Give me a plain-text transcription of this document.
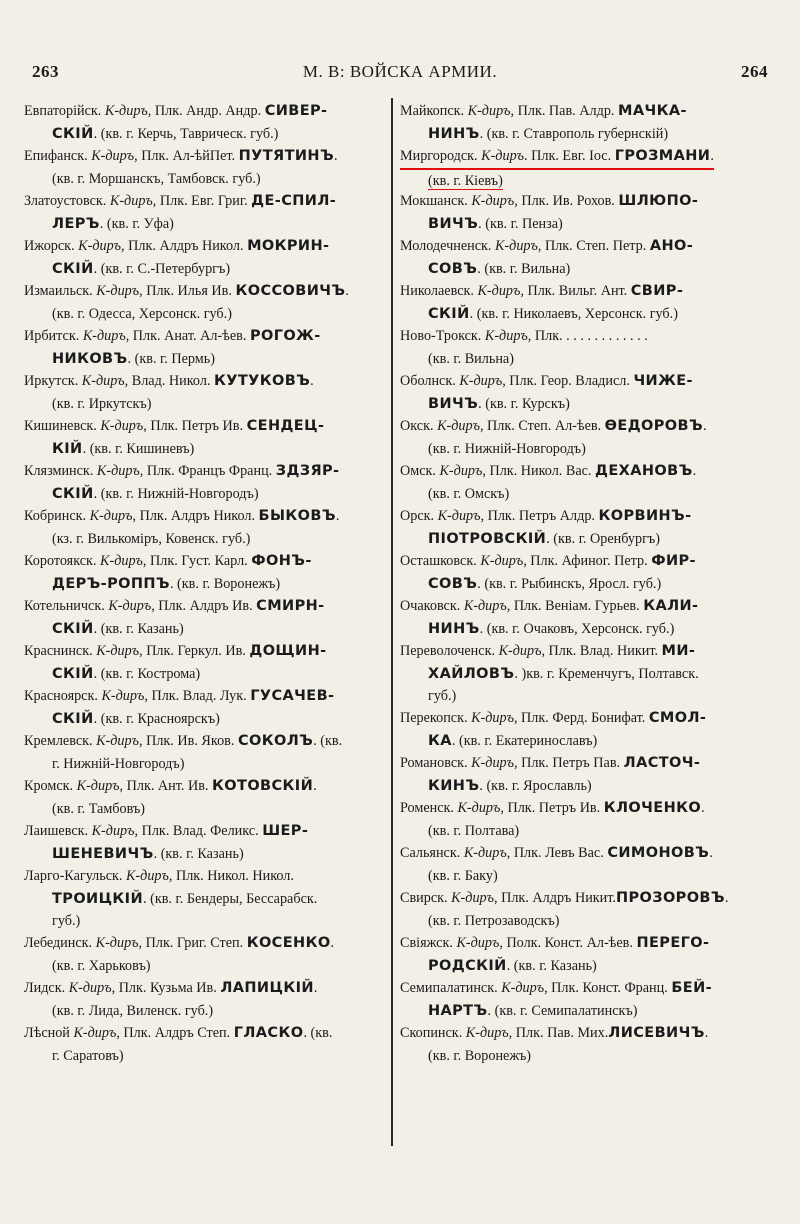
263	М. В: ВОЙСКА АРМИИ.	264
Евпаторійск. К-диръ, Плк. Андр. Андр. СИВЕР-
СКІЙ. (кв. г. Керчь, Таврическ. губ.)
Епифанск. К-диръ, Плк. Ал-ѣйПет. ПУТЯТИНЪ.
(кв. г. Моршанскъ, Тамбовск. губ.)
Златоустовск. К-диръ, Плк. Евг. Григ. ДЕ-СПИЛ-
ЛЕРЪ. (кв. г. Уфа)
Ижорск. К-диръ, Плк. Алдръ Никол. МОКРИН-
СКІЙ. (кв. г. С.-Петербургъ)
Измаильск. К-диръ, Плк. Илья Ив. КОССОВИЧЪ.
(кв. г. Одесса, Херсонск. губ.)
Ирбитск. К-диръ, Плк. Анат. Ал-ѣев. РОГОЖ-
НИКОВЪ. (кв. г. Пермь)
Иркутск. К-диръ, Влад. Никол. КУТУКОВЪ.
(кв. г. Иркутскъ)
Кишиневск. К-диръ, Плк. Петръ Ив. СЕНДЕЦ-
КІЙ. (кв. г. Кишиневъ)
Клязминск. К-диръ, Плк. Францъ Франц. ЗДЗЯР-
СКІЙ. (кв. г. Нижній-Новгородъ)
Кобринск. К-диръ, Плк. Алдръ Никол. БЫКОВЪ.
(кз. г. Вилькоміръ, Ковенск. губ.)
Коротоякск. К-диръ, Плк. Густ. Карл. ФОНЪ-
ДЕРЪ-РОППЪ. (кв. г. Воронежъ)
Котельничск. К-диръ, Плк. Алдръ Ив. СМИРН-
СКІЙ. (кв. г. Казань)
Краснинск. К-диръ, Плк. Геркул. Ив. ДОЩИН-
СКІЙ. (кв. г. Кострома)
Красноярск. К-диръ, Плк. Влад. Лук. ГУСАЧЕВ-
СКІЙ. (кв. г. Красноярскъ)
Кремлевск. К-диръ, Плк. Ив. Яков. СОКОЛЪ. (кв.
г. Нижній-Новгородъ)
Кромск. К-диръ, Плк. Ант. Ив. КОТОВСКІЙ.
(кв. г. Тамбовъ)
Лаишевск. К-диръ, Плк. Влад. Феликс. ШЕР-
ШЕНЕВИЧЪ. (кв. г. Казань)
Ларго-Кагульск. К-диръ, Плк. Никол. Никол.
ТРОИЦКІЙ. (кв. г. Бендеры, Бессарабск.
губ.)
Лебединск. К-диръ, Плк. Григ. Степ. КОСЕНКО.
(кв. г. Харьковъ)
Лидск. К-диръ, Плк. Кузьма Ив. ЛАПИЦКІЙ.
(кв. г. Лида, Виленск. губ.)
Лѣсной К-диръ, Плк. Алдръ Степ. ГЛАСКО. (кв.
г. Саратовъ)
Майкопск. К-диръ, Плк. Пав. Алдр. МАЧКА-
НИНЪ. (кв. г. Ставрополь губернскій)
Миргородск. К-диръ. Плк. Евг. Іос. ГРОЗМАНИ.
(кв. г. Кіевъ)
Мокшанск. К-диръ, Плк. Ив. Рохов. ШЛЮПО-
ВИЧЪ. (кв. г. Пенза)
Молодечненск. К-диръ, Плк. Степ. Петр. АНО-
СОВЪ. (кв. г. Вильна)
Николаевск. К-диръ, Плк. Вильг. Ант. СВИР-
СКІЙ. (кв. г. Николаевъ, Херсонск. губ.)
Ново-Трокск. К-диръ, Плк. . . . . . . . . . . . .
(кв. г. Вильна)
Оболнск. К-диръ, Плк. Геор. Владисл. ЧИЖЕ-
ВИЧЪ. (кв. г. Курскъ)
Окск. К-диръ, Плк. Степ. Ал-ѣев. ѲЕДОРОВЪ.
(кв. г. Нижній-Новгородъ)
Омск. К-диръ, Плк. Никол. Вас. ДЕХАНОВЪ.
(кв. г. Омскъ)
Орск. К-диръ, Плк. Петръ Алдр. КОРВИНЪ-
ПІОТРОВСКІЙ. (кв. г. Оренбургъ)
Осташковск. К-диръ, Плк. Афиног. Петр. ФИР-
СОВЪ. (кв. г. Рыбинскъ, Яросл. губ.)
Очаковск. К-диръ, Плк. Веніам. Гурьев. КАЛИ-
НИНЪ. (кв. г. Очаковъ, Херсонск. губ.)
Переволоченск. К-диръ, Плк. Влад. Никит. МИ-
ХАЙЛОВЪ. )кв. г. Кременчугъ, Полтавск.
губ.)
Перекопск. К-диръ, Плк. Ферд. Бонифат. СМОЛ-
КА. (кв. г. Екатеринославъ)
Романовск. К-диръ, Плк. Петръ Пав. ЛАСТОЧ-
КИНЪ. (кв. г. Ярославль)
Роменск. К-диръ, Плк. Петръ Ив. КЛОЧЕНКО.
(кв. г. Полтава)
Сальянск. К-диръ, Плк. Левъ Вас. СИМОНОВЪ.
(кв. г. Баку)
Свирск. К-диръ, Плк. Алдръ Никит.ПРОЗОРОВЪ.
(кв. г. Петрозаводскъ)
Свіяжск. К-диръ, Полк. Конст. Ал-ѣев. ПЕРЕГО-
РОДСКІЙ. (кв. г. Казань)
Семипалатинск. К-диръ, Плк. Конст. Франц. БЕЙ-
НАРТЪ. (кв. г. Семипалатинскъ)
Скопинск. К-диръ, Плк. Пав. Мих.ЛИСЕВИЧЪ.
(кв. г. Воронежъ)
